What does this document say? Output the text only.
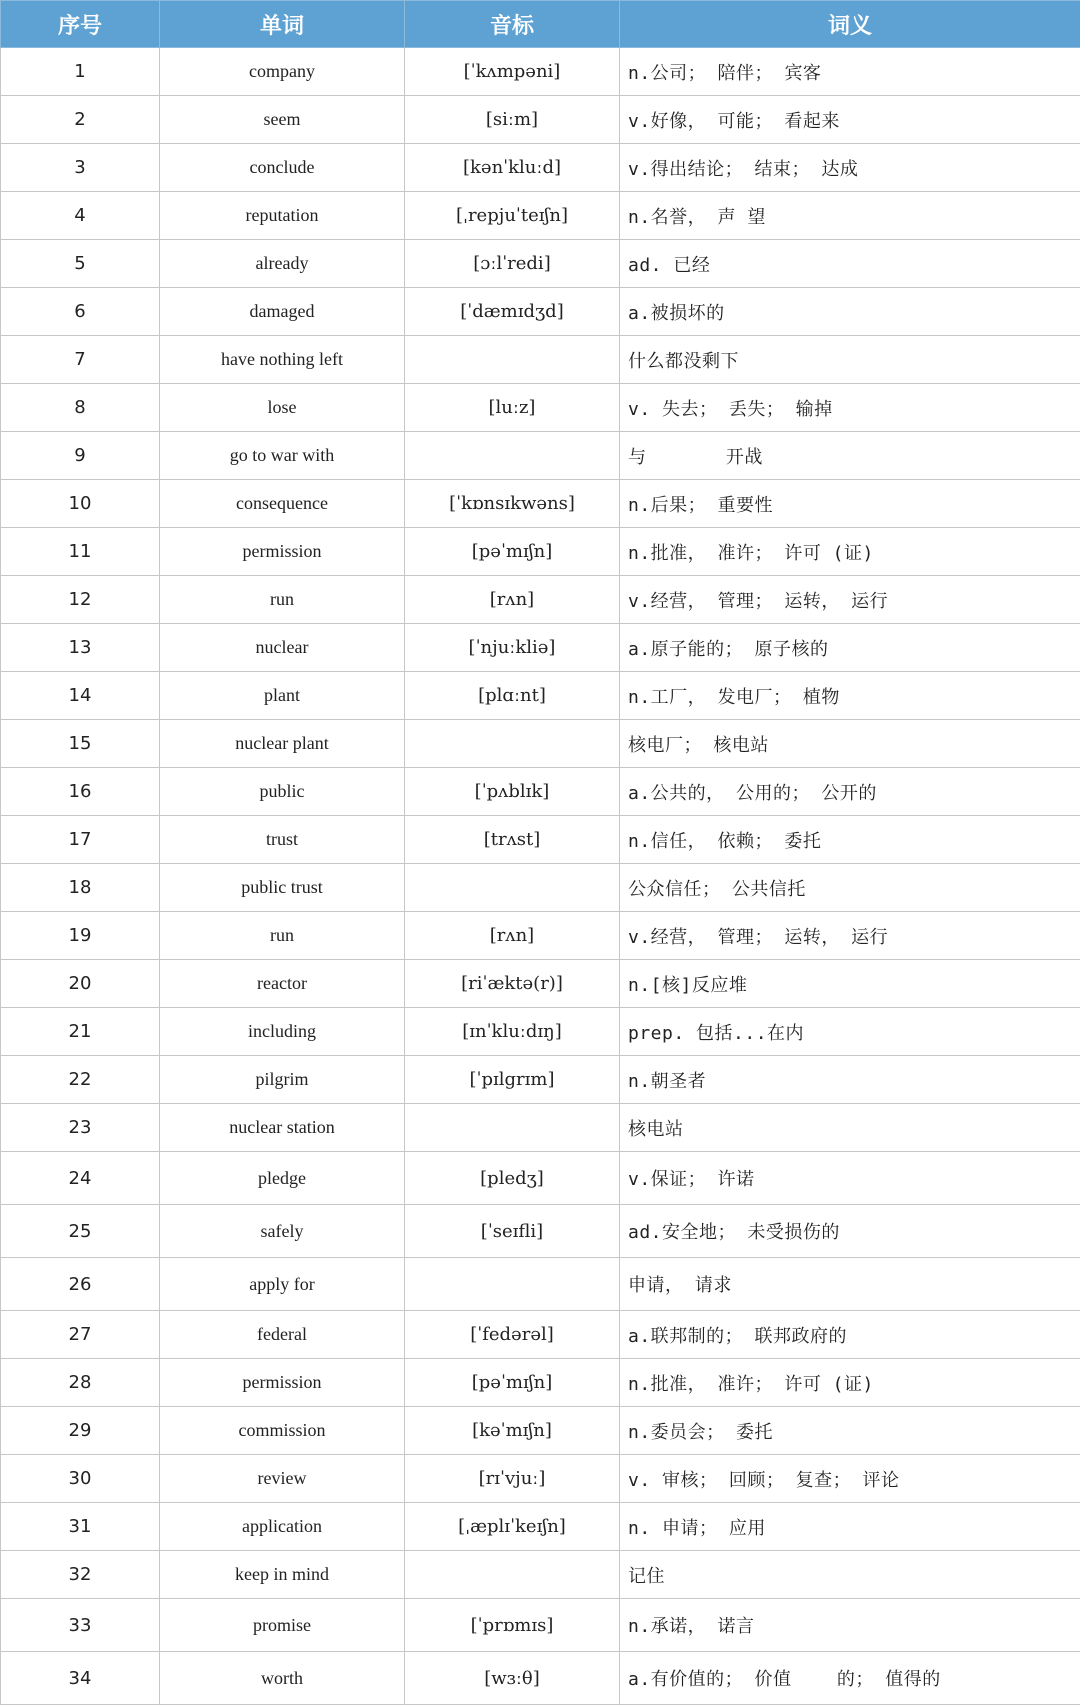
序号	单词	音标	词义
1	company	[ˈkʌmpəni]	n.公司； 陪伴； 宾客
2	seem	[siːm]	v.好像， 可能； 看起来
3	conclude	[kənˈkluːd]	v.得出结论； 结束； 达成
4	reputation	[ˌrepjuˈteɪʃn]	n.名誉， 声 望
5	already	[ɔːlˈredi]	ad. 已经
6	damaged	[ˈdæmɪdʒd]	a.被损坏的
7	have nothing left		什么都没剩下
8	lose	[luːz]	v. 失去； 丢失； 输掉
9	go to war with		与       开战
10	consequence	[ˈkɒnsɪkwəns]	n.后果； 重要性
11	permission	[pəˈmɪʃn]	n.批准， 准许； 许可 (证)
12	run	[rʌn]	v.经营， 管理； 运转， 运行
13	nuclear	[ˈnjuːkliə]	a.原子能的； 原子核的
14	plant	[plɑːnt]	n.工厂， 发电厂； 植物
15	nuclear plant		核电厂； 核电站
16	public	[ˈpʌblɪk]	a.公共的， 公用的； 公开的
17	trust	[trʌst]	n.信任， 依赖； 委托
18	public trust		公众信任； 公共信托
19	run	[rʌn]	v.经营， 管理； 运转， 运行
20	reactor	[riˈæktə(r)]	n.[核]反应堆
21	including	[ɪnˈkluːdɪŋ]	prep. 包括...在内
22	pilgrim	[ˈpɪlgrɪm]	n.朝圣者
23	nuclear station		核电站
24	pledge	[pledʒ]	v.保证； 许诺
25	safely	[ˈseɪfli]	ad.安全地； 未受损伤的
26	apply for		申请， 请求
27	federal	[ˈfedərəl]	a.联邦制的； 联邦政府的
28	permission	[pəˈmɪʃn]	n.批准， 准许； 许可 (证)
29	commission	[kəˈmɪʃn]	n.委员会； 委托
30	review	[rɪˈvjuː]	v. 审核； 回顾； 复查； 评论
31	application	[ˌæplɪˈkeɪʃn]	n. 申请； 应用
32	keep in mind		记住
33	promise	[ˈprɒmɪs]	n.承诺， 诺言
34	worth	[wɜːθ]	a.有价值的； 价值    的； 值得的
